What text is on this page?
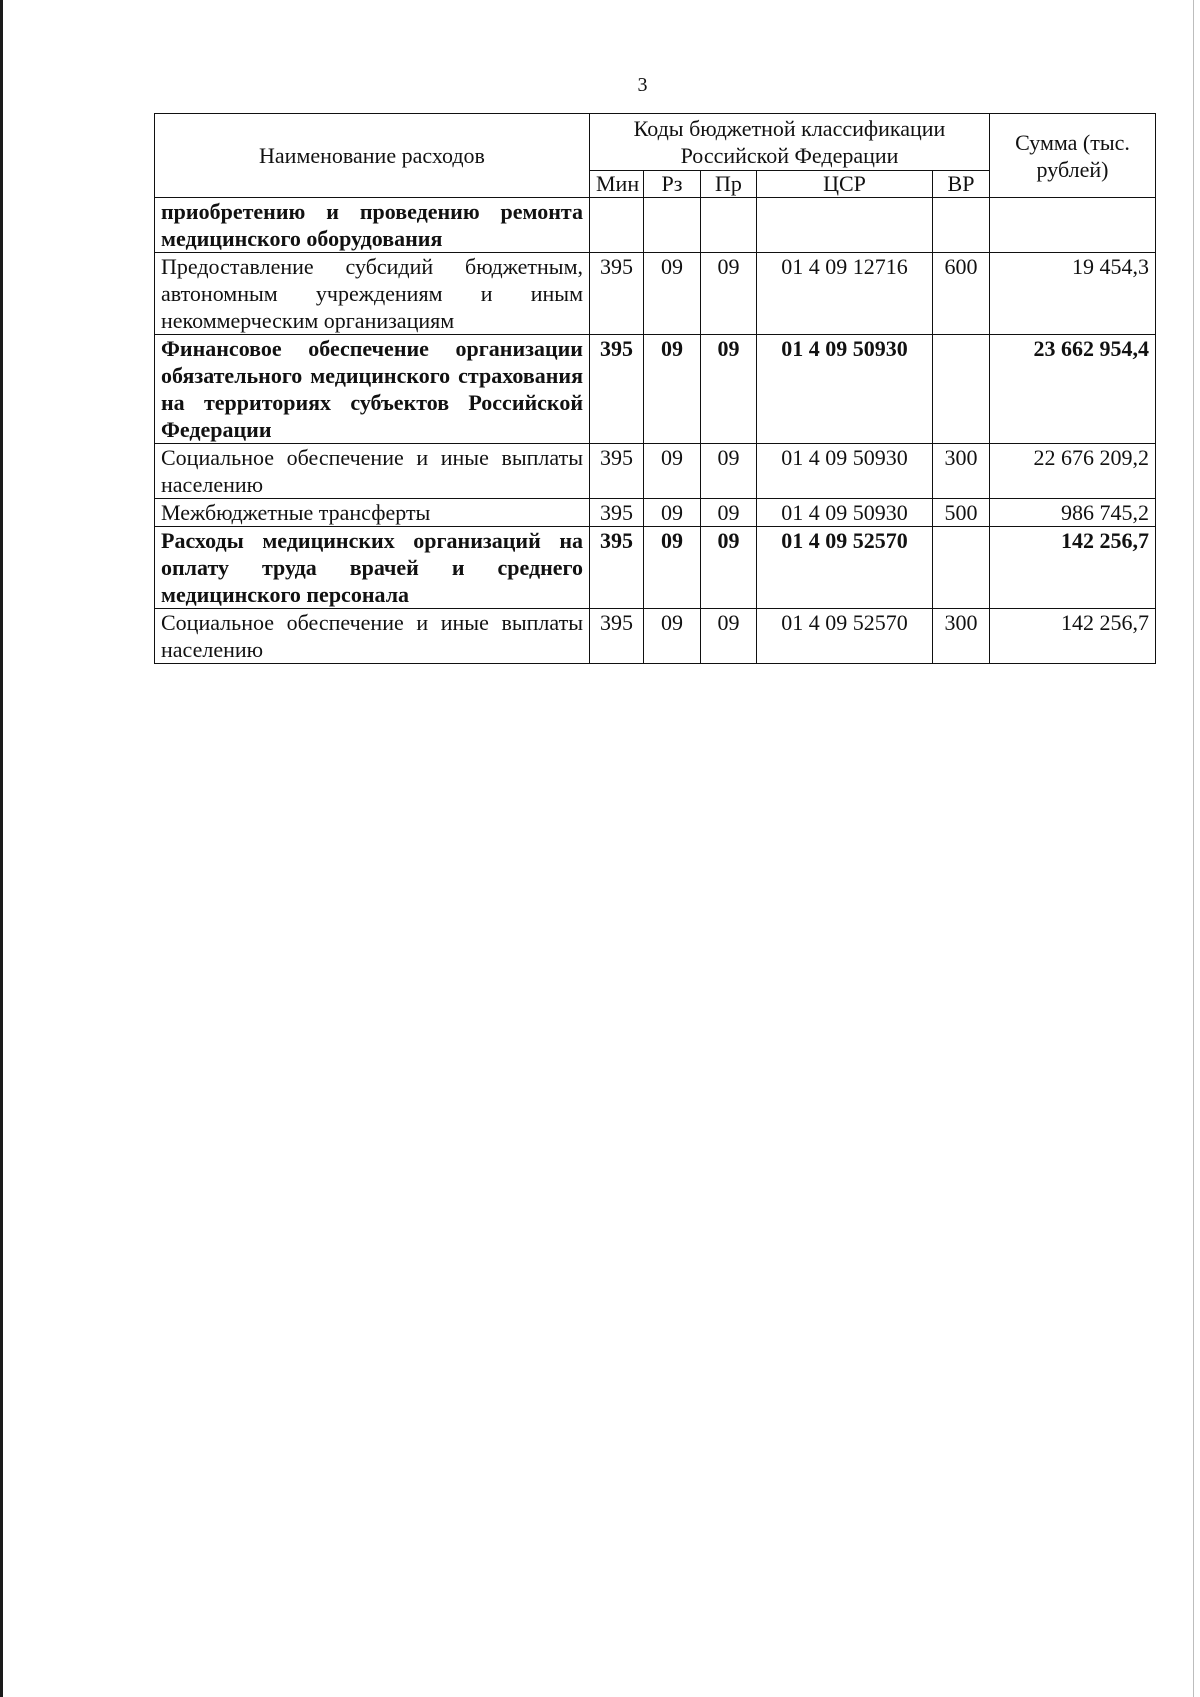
3
Наименование расходов	Коды бюджетной классификации Российской Федерации					Сумма (тыс. рублей)
	Мин	Рз	Пр	ЦСР	ВР	
приобретению и проведению ремонта медицинского оборудования						
Предоставление субсидий бюджетным, автономным учреждениям и иным некоммерческим организациям	395	09	09	01 4 09 12716	600	19 454,3
Финансовое обеспечение организации обязательного медицинского страхования на территориях субъектов Российской Федерации	395	09	09	01 4 09 50930		23 662 954,4
Социальное обеспечение и иные выплаты населению	395	09	09	01 4 09 50930	300	22 676 209,2
Межбюджетные трансферты	395	09	09	01 4 09 50930	500	986 745,2
Расходы медицинских организаций на оплату труда врачей и среднего медицинского персонала	395	09	09	01 4 09 52570		142 256,7
Социальное обеспечение и иные выплаты населению	395	09	09	01 4 09 52570	300	142 256,7
